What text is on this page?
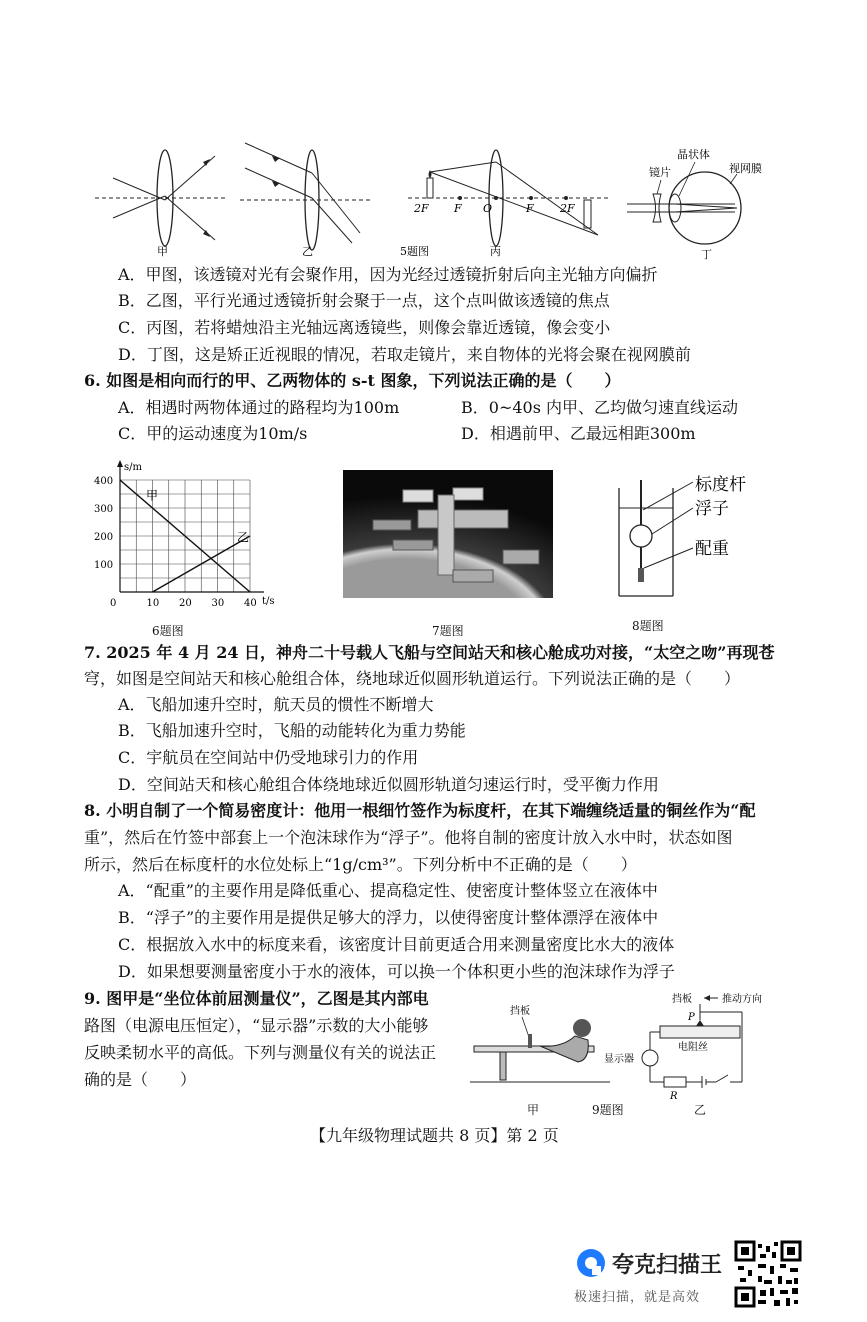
甲	乙
2F F O	F 2F
5题图	丙
晶状体
视网膜
镜片
丁
A．甲图，该透镜对光有会聚作用，因为光经过透镜折射后向主光轴方向偏折
B．乙图，平行光通过透镜折射会聚于一点，这个点叫做该透镜的焦点
C．丙图，若将蜡烛沿主光轴远离透镜些，则像会靠近透镜，像会变小
D．丁图，这是矫正近视眼的情况，若取走镜片，来自物体的光将会聚在视网膜前
6. 如图是相向而行的甲、乙两物体的 s-t 图象，下列说法正确的是（　　）
A．相遇时两物体通过的路程均为100m	B．0~40s 内甲、乙均做匀速直线运动
C．甲的运动速度为10m/s	D．相遇前甲、乙最远相距300m
甲
乙
s/m
t/s
0	10 20 30 40
100
200
300
400
6题图	7题图
标度杆
浮子
配重
8题图
7. 2025 年 4 月 24 日，神舟二十号载人飞船与空间站天和核心舱成功对接，“太空之吻”再现苍
穹，如图是空间站天和核心舱组合体，绕地球近似圆形轨道运行。下列说法正确的是（　　）
A．飞船加速升空时，航天员的惯性不断增大
B．飞船加速升空时，飞船的动能转化为重力势能
C．宇航员在空间站中仍受地球引力的作用
D．空间站天和核心舱组合体绕地球近似圆形轨道匀速运行时，受平衡力作用
8. 小明自制了一个简易密度计：他用一根细竹签作为标度杆，在其下端缠绕适量的铜丝作为“配
重”，然后在竹签中部套上一个泡沫球作为“浮子”。他将自制的密度计放入水中时，状态如图
所示，然后在标度杆的水位处标上“1g/cm³”。下列分析中不正确的是（　　）
A．“配重”的主要作用是降低重心、提高稳定性、使密度计整体竖立在液体中
B．“浮子”的主要作用是提供足够大的浮力，以使得密度计整体漂浮在液体中
C．根据放入水中的标度来看，该密度计目前更适合用来测量密度比水大的液体
D．如果想要测量密度小于水的液体，可以换一个体积更小些的泡沫球作为浮子
9. 图甲是“坐位体前屈测量仪”，乙图是其内部电
路图（电源电压恒定），“显示器”示数的大小能够
反映柔韧水平的高低。下列与测量仪有关的说法正
确的是（　　）
挡板
甲	9题图
挡板	推动方向
P
电阻丝
显示器
R
乙
【九年级物理试题共 8 页】第 2 页
夸克扫描王
极速扫描，就是高效
